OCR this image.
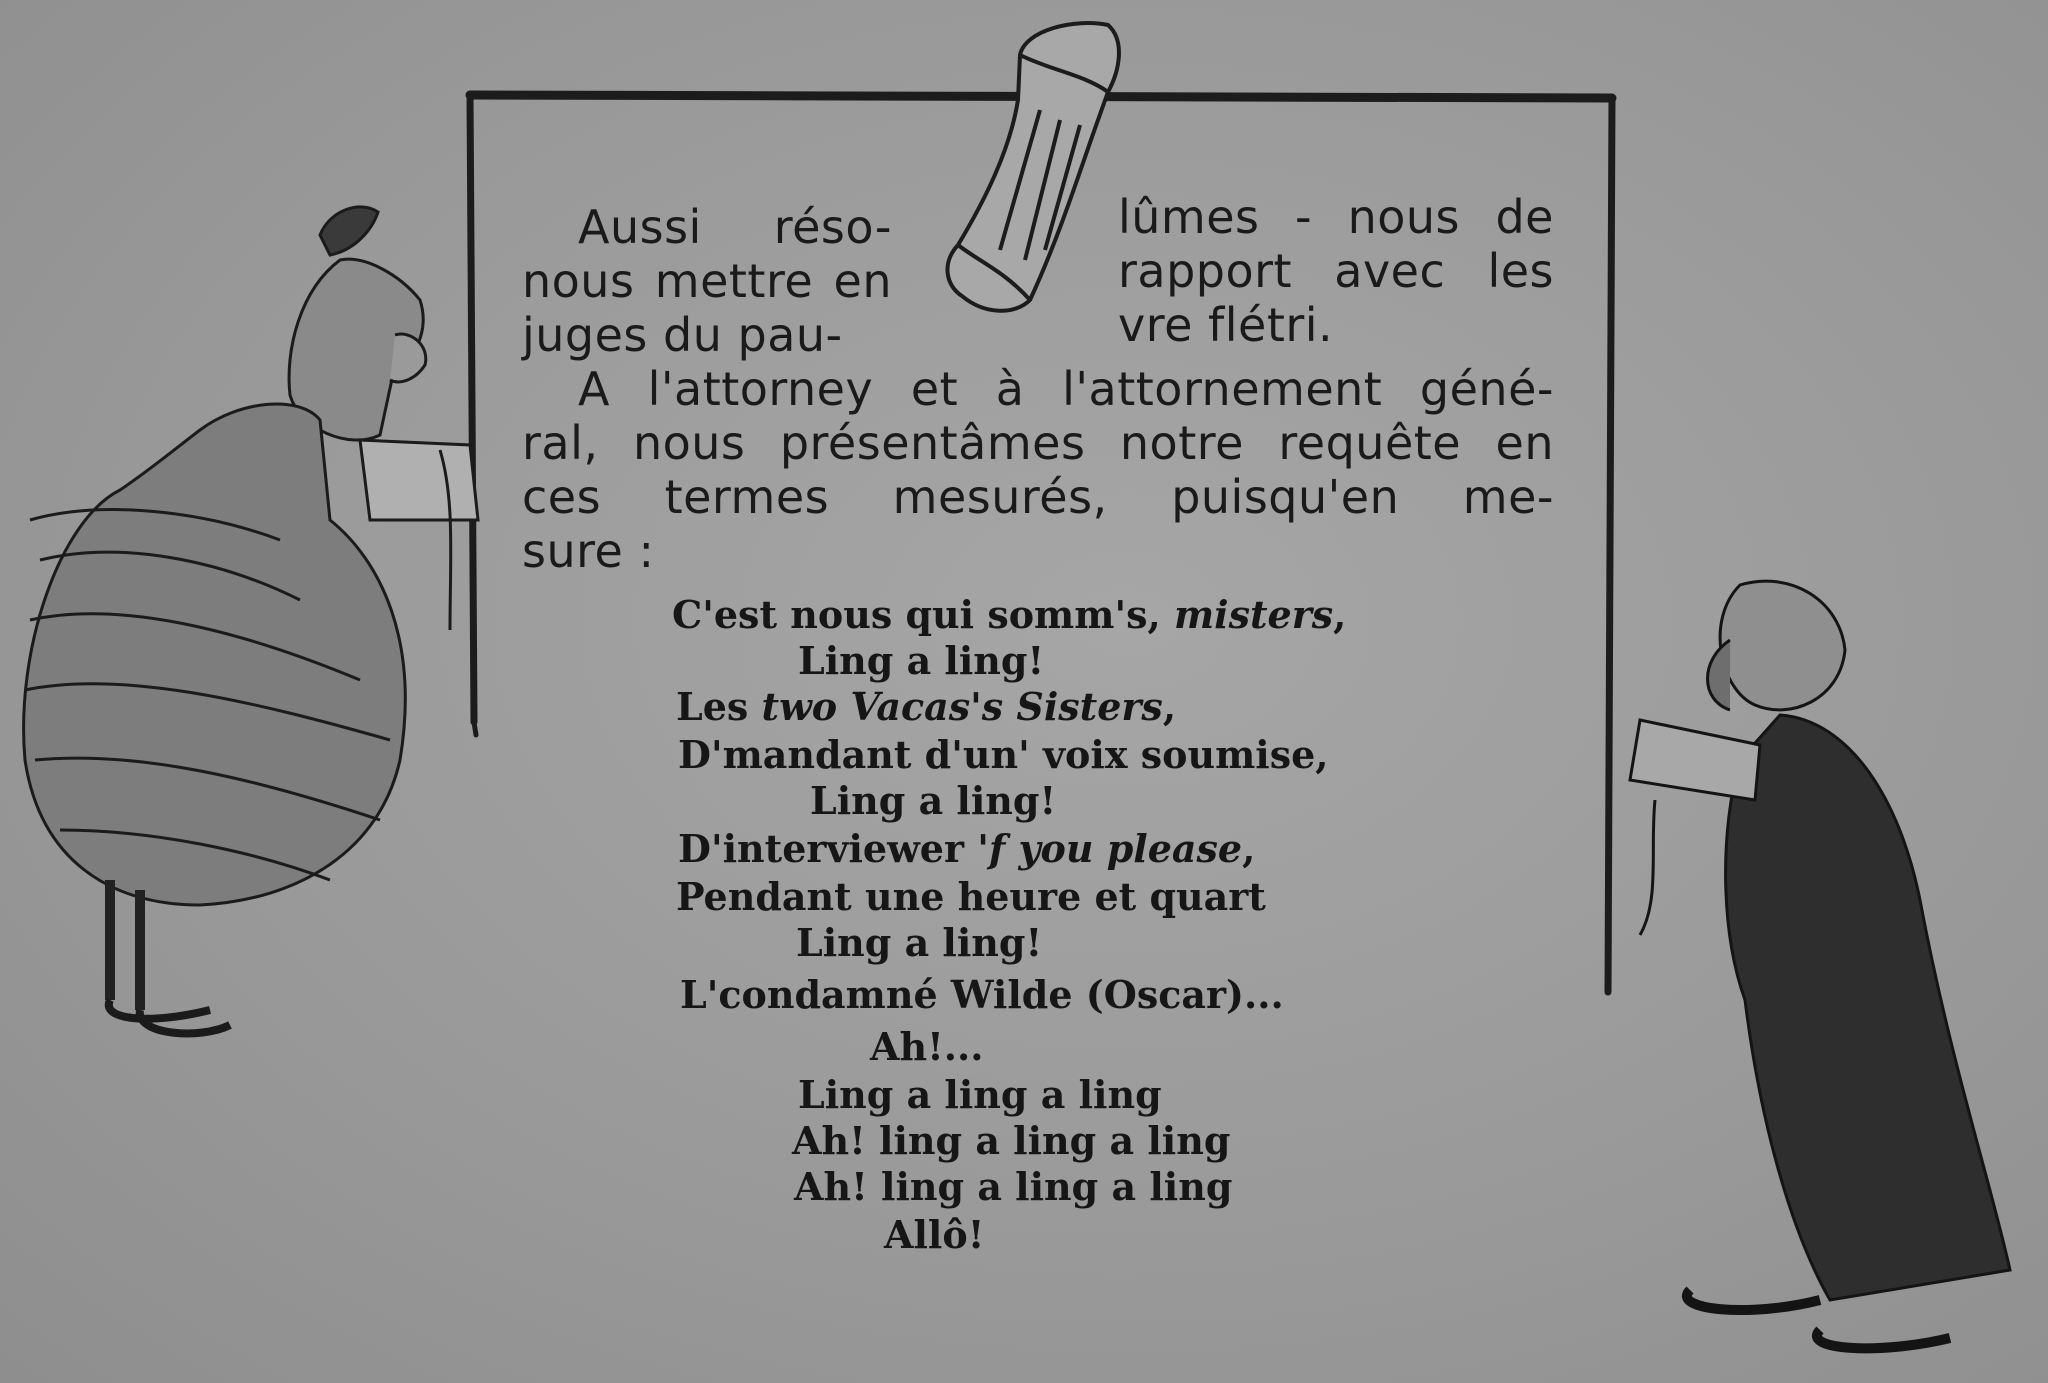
Aussi réso-
nous mettre en
juges du pau-
lûmes - nous de
rapport avec les
vre flétri.
A l'attorney et à l'attornement géné-
ral, nous présentâmes notre requête en
ces termes mesurés, puisqu'en me-
sure :
C'est nous qui somm's, misters,
Ling a ling!
Les two Vacas's Sisters,
D'mandant d'un' voix soumise,
Ling a ling!
D'interviewer 'f you please,
Pendant une heure et quart
Ling a ling!
L'condamné Wilde (Oscar)...
Ah!...
Ling a ling a ling
Ah! ling a ling a ling
Ah! ling a ling a ling
Allô!
